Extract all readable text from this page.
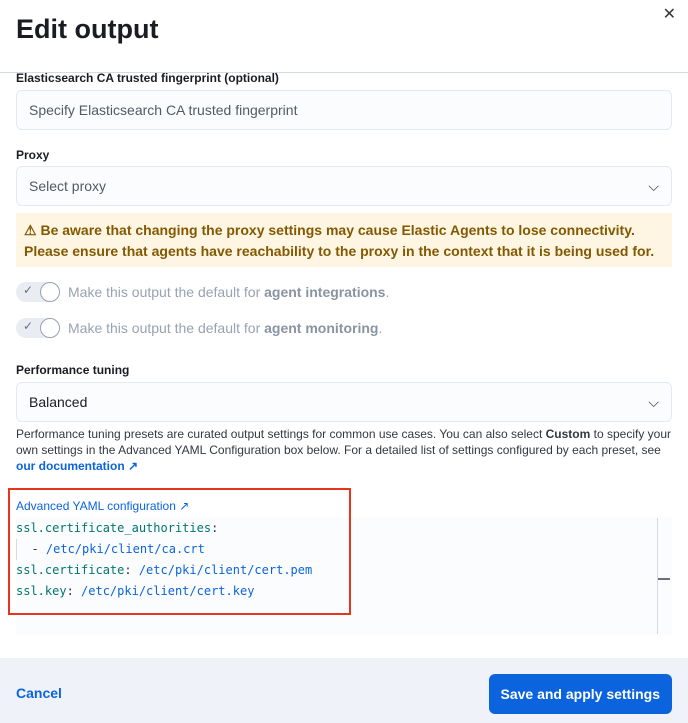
Edit output	✕
Elasticsearch CA trusted fingerprint (optional)
Specify Elasticsearch CA trusted fingerprint
Proxy
Select proxy	⌵
⚠ Be aware that changing the proxy settings may cause Elastic Agents to lose connectivity.
Please ensure that agents have reachability to the proxy in the context that it is being used for.
✓ Make this output the default for
agent integrations .
✓ Make this output the default for
agent monitoring .
Performance tuning
Balanced	⌵
Performance tuning presets are curated output settings for common use cases. You can also select Custom to specify your own settings in the Advanced YAML Configuration box below. For a detailed list of settings configured by each preset, see our documentation ↗
Advanced YAML configuration ↗
ssl.certificate_authorities:
- /etc/pki/client/ca.crt
ssl.certificate: /etc/pki/client/cert.pem
ssl.key: /etc/pki/client/cert.key
Cancel	Save and apply settings
